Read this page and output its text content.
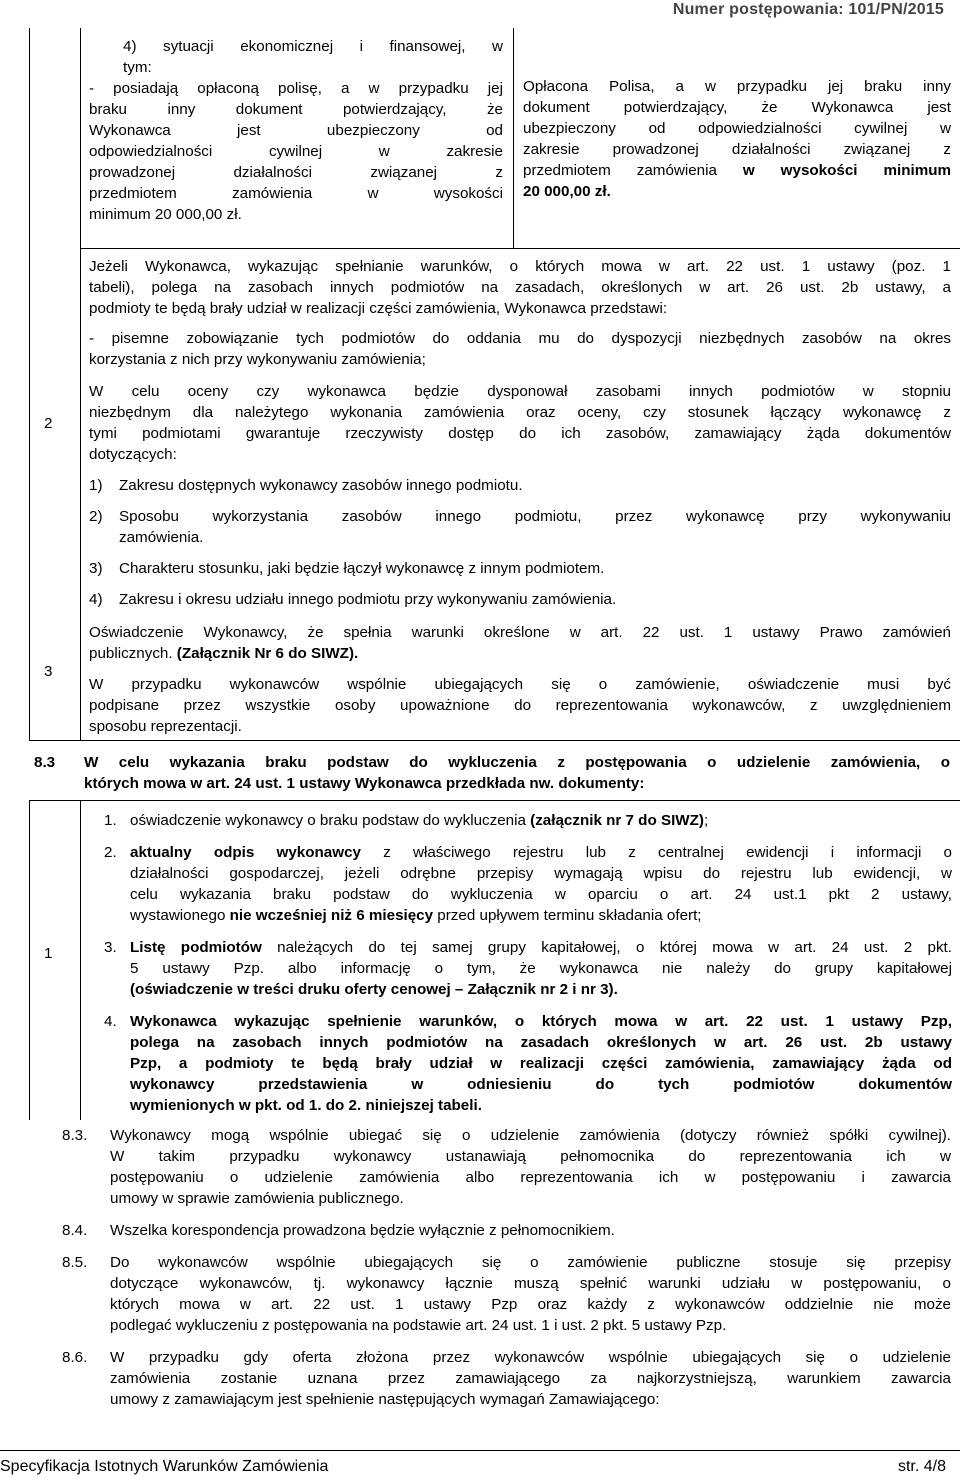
Numer postępowania: 101/PN/2015
4) sytuacji ekonomicznej i finansowej, w
tym:
- posiadają opłaconą polisę, a w przypadku jej
braku inny dokument potwierdzający, że
Wykonawca jest ubezpieczony od
odpowiedzialności cywilnej w zakresie
prowadzonej działalności związanej z
przedmiotem zamówienia w wysokości
minimum 20 000,00 zł.
Opłacona Polisa, a w przypadku jej braku inny
dokument potwierdzający, że Wykonawca jest
ubezpieczony od odpowiedzialności cywilnej w
zakresie prowadzonej działalności związanej z
przedmiotem zamówienia w wysokości minimum
20 000,00 zł.
2
Jeżeli Wykonawca, wykazując spełnianie warunków, o których mowa w art. 22 ust. 1 ustawy (poz. 1
tabeli), polega na zasobach innych podmiotów na zasadach, określonych w art. 26 ust. 2b ustawy, a
podmioty te będą brały udział w realizacji części zamówienia, Wykonawca przedstawi:
- pisemne zobowiązanie tych podmiotów do oddania mu do dyspozycji niezbędnych zasobów na okres
korzystania z nich przy wykonywaniu zamówienia;
W celu oceny czy wykonawca będzie dysponował zasobami innych podmiotów w stopniu
niezbędnym dla należytego wykonania zamówienia oraz oceny, czy stosunek łączący wykonawcę z
tymi podmiotami gwarantuje rzeczywisty dostęp do ich zasobów, zamawiający żąda dokumentów
dotyczących:
1) Zakresu dostępnych wykonawcy zasobów innego podmiotu.
2) Sposobu wykorzystania zasobów innego podmiotu, przez wykonawcę przy wykonywaniu
zamówienia.
3) Charakteru stosunku, jaki będzie łączył wykonawcę z innym podmiotem.
4) Zakresu i okresu udziału innego podmiotu przy wykonywaniu zamówienia.
3
Oświadczenie Wykonawcy, że spełnia warunki określone w art. 22 ust. 1 ustawy Prawo zamówień
publicznych. (Załącznik Nr 6 do SIWZ).
W przypadku wykonawców wspólnie ubiegających się o zamówienie, oświadczenie musi być
podpisane przez wszystkie osoby upoważnione do reprezentowania wykonawców, z uwzględnieniem
sposobu reprezentacji.
8.3 W celu wykazania braku podstaw do wykluczenia z postępowania o udzielenie zamówienia, o
których mowa w art. 24 ust. 1 ustawy Wykonawca przedkłada nw. dokumenty:
1
1. oświadczenie wykonawcy o braku podstaw do wykluczenia (załącznik nr 7 do SIWZ);
2. aktualny odpis wykonawcy z właściwego rejestru lub z centralnej ewidencji i informacji o
działalności gospodarczej, jeżeli odrębne przepisy wymagają wpisu do rejestru lub ewidencji, w
celu wykazania braku podstaw do wykluczenia w oparciu o art. 24 ust.1 pkt 2 ustawy,
wystawionego nie wcześniej niż 6 miesięcy przed upływem terminu składania ofert;
3. Listę podmiotów należących do tej samej grupy kapitałowej, o której mowa w art. 24 ust. 2 pkt.
5 ustawy Pzp. albo informację o tym, że wykonawca nie należy do grupy kapitałowej
(oświadczenie w treści druku oferty cenowej – Załącznik nr 2 i nr 3).
4. Wykonawca wykazując spełnienie warunków, o których mowa w art. 22 ust. 1 ustawy Pzp,
polega na zasobach innych podmiotów na zasadach określonych w art. 26 ust. 2b ustawy
Pzp, a podmioty te będą brały udział w realizacji części zamówienia, zamawiający żąda od
wykonawcy przedstawienia w odniesieniu do tych podmiotów dokumentów
wymienionych w pkt. od 1. do 2. niniejszej tabeli.
8.3. Wykonawcy mogą wspólnie ubiegać się o udzielenie zamówienia (dotyczy również spółki cywilnej).
W takim przypadku wykonawcy ustanawiają pełnomocnika do reprezentowania ich w
postępowaniu o udzielenie zamówienia albo reprezentowania ich w postępowaniu i zawarcia
umowy w sprawie zamówienia publicznego.
8.4. Wszelka korespondencja prowadzona będzie wyłącznie z pełnomocnikiem.
8.5. Do wykonawców wspólnie ubiegających się o zamówienie publiczne stosuje się przepisy
dotyczące wykonawców, tj. wykonawcy łącznie muszą spełnić warunki udziału w postępowaniu, o
których mowa w art. 22 ust. 1 ustawy Pzp oraz każdy z wykonawców oddzielnie nie może
podlegać wykluczeniu z postępowania na podstawie art. 24 ust. 1 i ust. 2 pkt. 5 ustawy Pzp.
8.6. W przypadku gdy oferta złożona przez wykonawców wspólnie ubiegających się o udzielenie
zamówienia zostanie uznana przez zamawiającego za najkorzystniejszą, warunkiem zawarcia
umowy z zamawiającym jest spełnienie następujących wymagań Zamawiającego:
Specyfikacja Istotnych Warunków Zamówienia	str. 4/8
